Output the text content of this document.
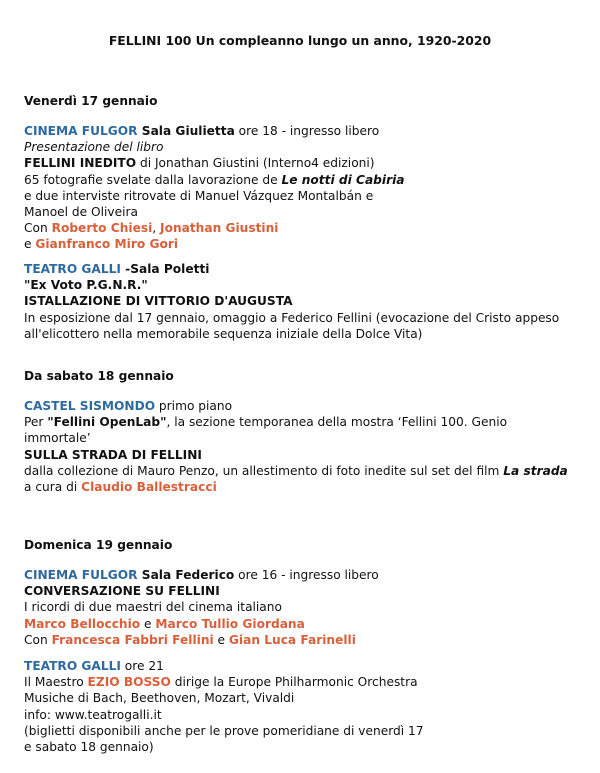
FELLINI 100 Un compleanno lungo un anno, 1920-2020
Venerdì 17 gennaio
CINEMA FULGOR Sala Giulietta ore 18 - ingresso libero
Presentazione del libro
FELLINI INEDITO di Jonathan Giustini (Interno4 edizioni)
65 fotografie svelate dalla lavorazione de Le notti di Cabiria
e due interviste ritrovate di Manuel Vázquez Montalbán e
Manoel de Oliveira
Con Roberto Chiesi, Jonathan Giustini
e Gianfranco Miro Gori
TEATRO GALLI -Sala Poletti
"Ex Voto P.G.N.R."
ISTALLAZIONE DI VITTORIO D'AUGUSTA
In esposizione dal 17 gennaio, omaggio a Federico Fellini (evocazione del Cristo appeso all'elicottero nella memorabile sequenza iniziale della Dolce Vita)
Da sabato 18 gennaio
CASTEL SISMONDO primo piano
Per "Fellini OpenLab", la sezione temporanea della mostra ‘Fellini 100. Genio immortale’
SULLA STRADA DI FELLINI
dalla collezione di Mauro Penzo, un allestimento di foto inedite sul set del film La strada
a cura di Claudio Ballestracci
Domenica 19 gennaio
CINEMA FULGOR Sala Federico ore 16 - ingresso libero
CONVERSAZIONE SU FELLINI
I ricordi di due maestri del cinema italiano
Marco Bellocchio e Marco Tullio Giordana
Con Francesca Fabbri Fellini e Gian Luca Farinelli
TEATRO GALLI ore 21
Il Maestro EZIO BOSSO dirige la Europe Philharmonic Orchestra
Musiche di Bach, Beethoven, Mozart, Vivaldi
info: www.teatrogalli.it
(biglietti disponibili anche per le prove pomeridiane di venerdì 17
e sabato 18 gennaio)
